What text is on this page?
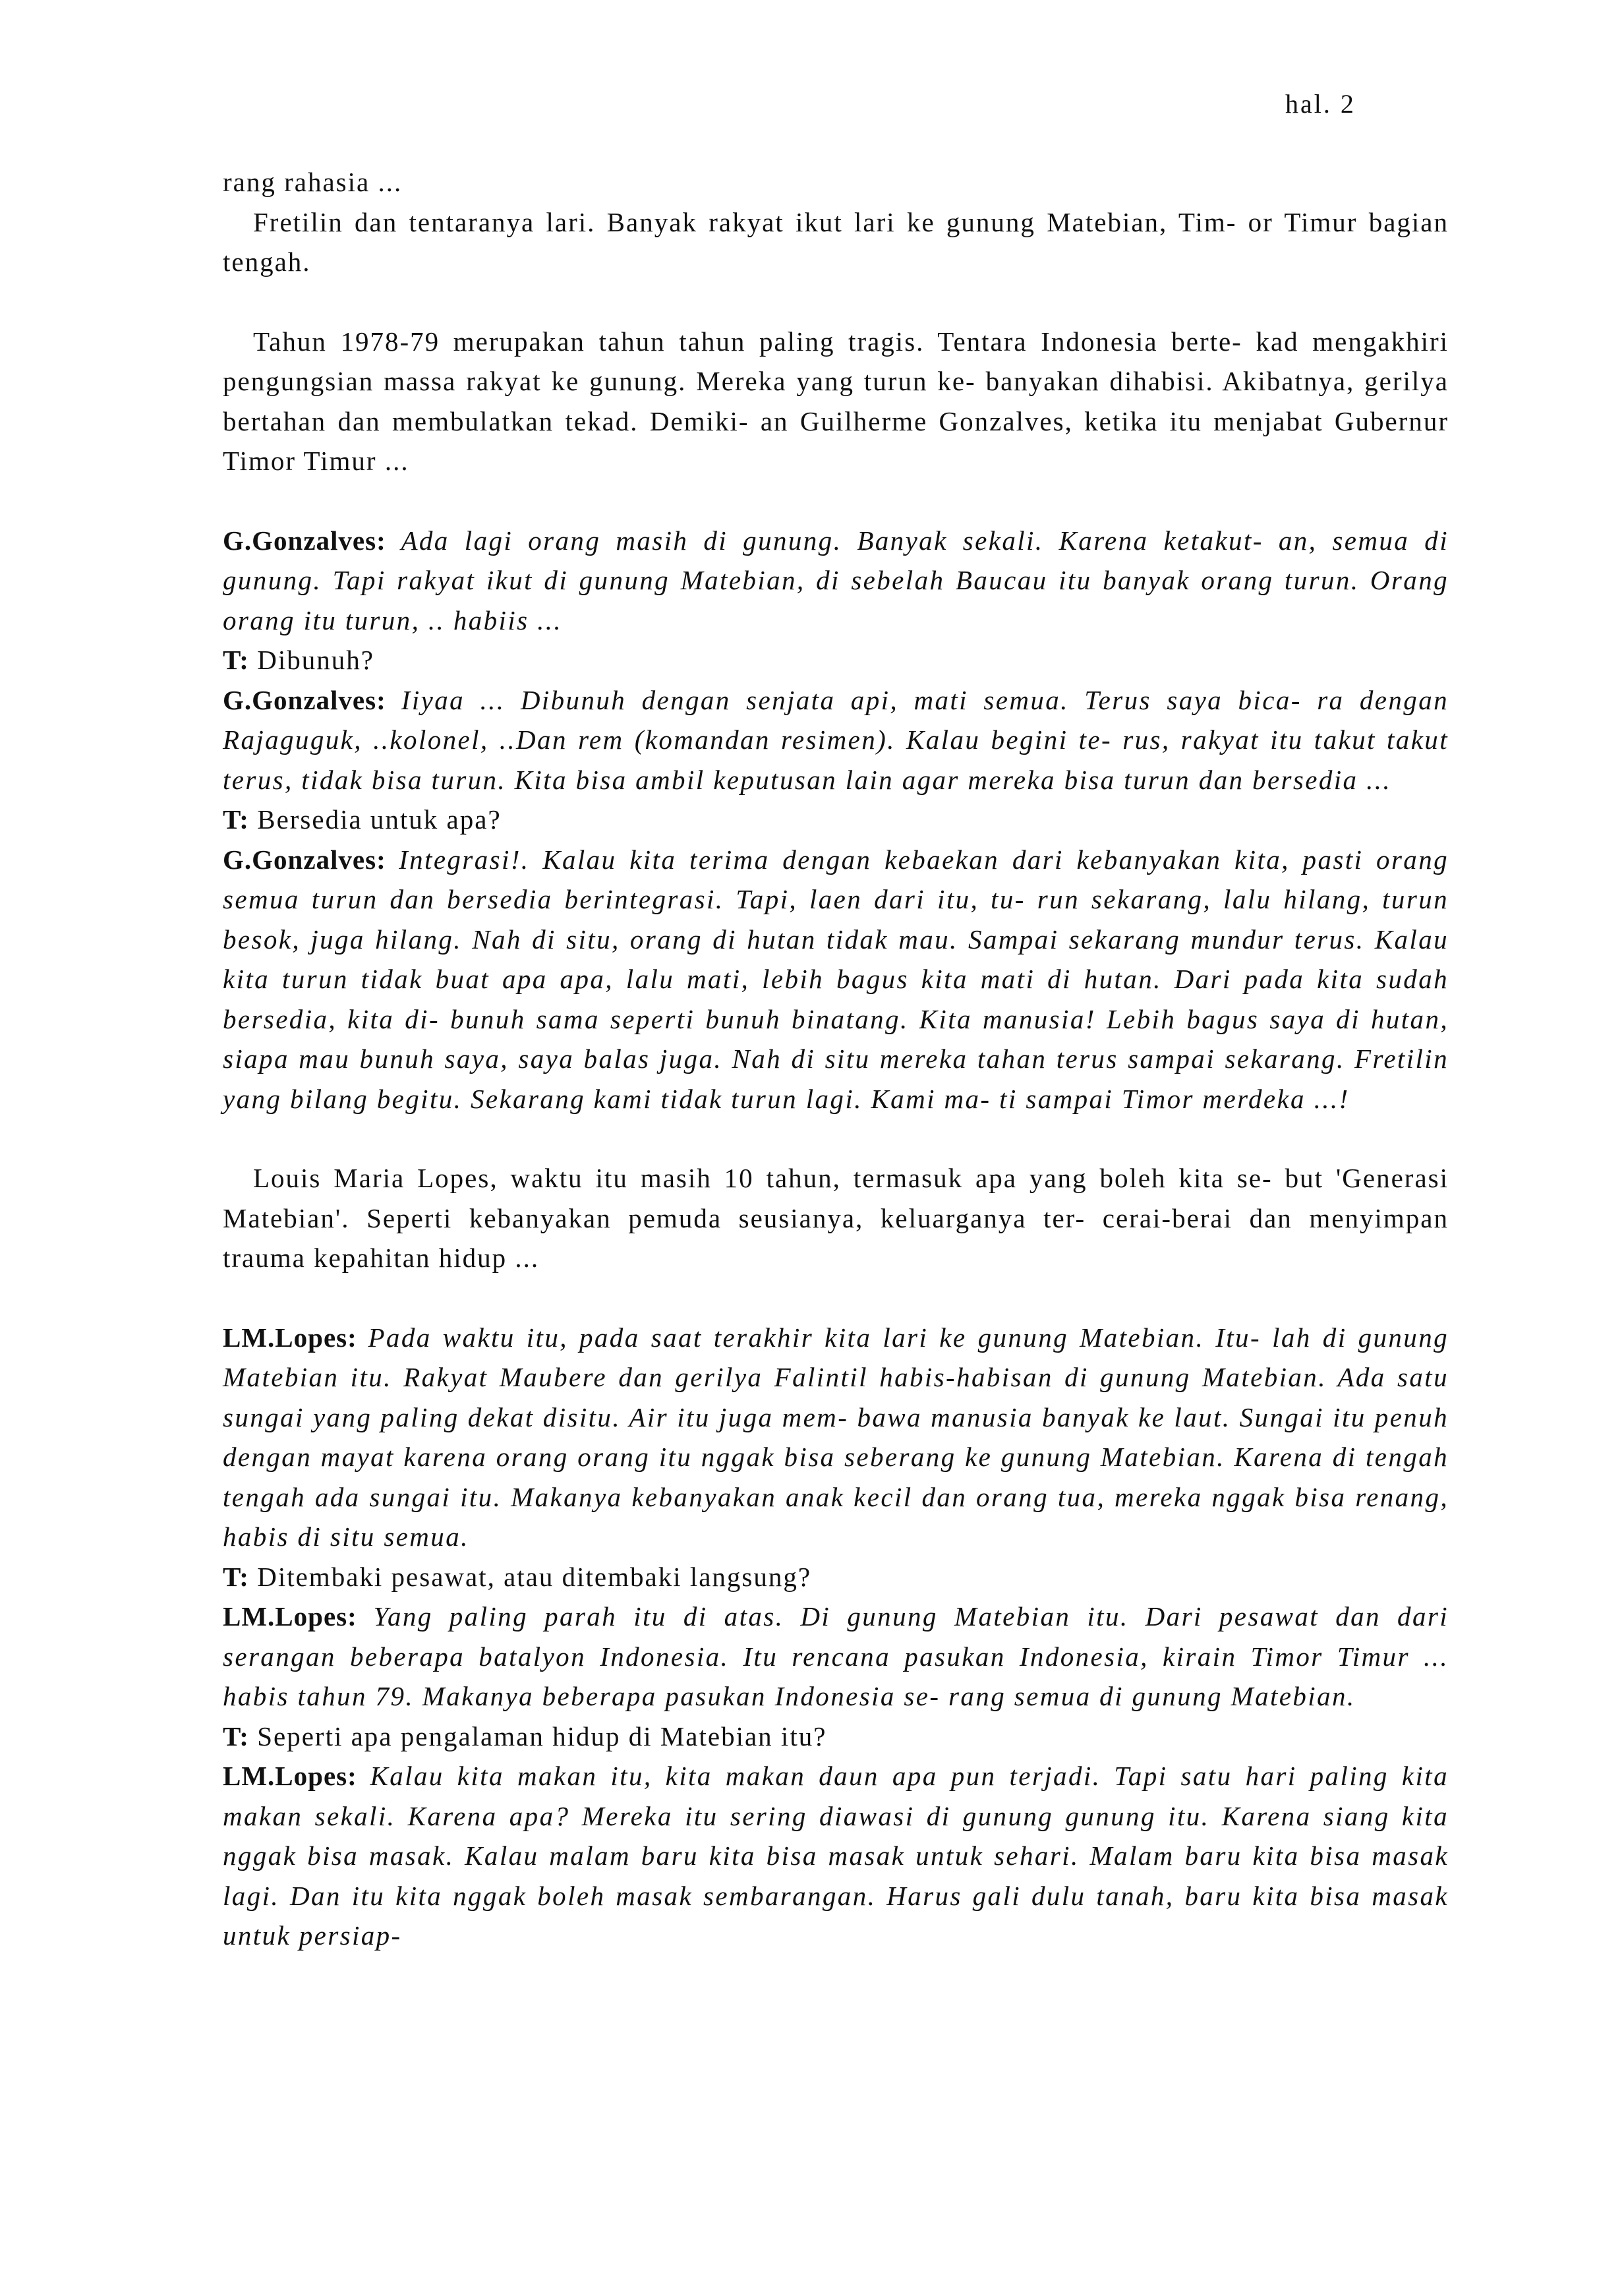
hal. 2

rang rahasia ...

Fretilin dan tentaranya lari. Banyak rakyat ikut lari ke gunung Matebian, Tim- or Timur bagian tengah.

Tahun 1978-79 merupakan tahun tahun paling tragis. Tentara Indonesia berte- kad mengakhiri pengungsian massa rakyat ke gunung. Mereka yang turun ke- banyakan dihabisi. Akibatnya, gerilya bertahan dan membulatkan tekad. Demiki- an Guilherme Gonzalves, ketika itu menjabat Gubernur Timor Timur ...

G.Gonzalves: Ada lagi orang masih di gunung. Banyak sekali. Karena ketakut- an, semua di gunung. Tapi rakyat ikut di gunung Matebian, di sebelah Baucau itu banyak orang turun. Orang orang itu turun, .. habiis ...

T: Dibunuh?

G.Gonzalves: Iiyaa ... Dibunuh dengan senjata api, mati semua. Terus saya bica- ra dengan Rajaguguk, ..kolonel, ..Dan rem (komandan resimen). Kalau begini te- rus, rakyat itu takut takut terus, tidak bisa turun. Kita bisa ambil keputusan lain agar mereka bisa turun dan bersedia ...

T: Bersedia untuk apa?

G.Gonzalves: Integrasi!. Kalau kita terima dengan kebaekan dari kebanyakan kita, pasti orang semua turun dan bersedia berintegrasi. Tapi, laen dari itu, tu- run sekarang, lalu hilang, turun besok, juga hilang. Nah di situ, orang di hutan tidak mau. Sampai sekarang mundur terus. Kalau kita turun tidak buat apa apa, lalu mati, lebih bagus kita mati di hutan. Dari pada kita sudah bersedia, kita di- bunuh sama seperti bunuh binatang. Kita manusia! Lebih bagus saya di hutan, siapa mau bunuh saya, saya balas juga. Nah di situ mereka tahan terus sampai sekarang. Fretilin yang bilang begitu. Sekarang kami tidak turun lagi. Kami ma- ti sampai Timor merdeka ...!

Louis Maria Lopes, waktu itu masih 10 tahun, termasuk apa yang boleh kita se- but 'Generasi Matebian'. Seperti kebanyakan pemuda seusianya, keluarganya ter- cerai-berai dan menyimpan trauma kepahitan hidup ...

LM.Lopes: Pada waktu itu, pada saat terakhir kita lari ke gunung Matebian. Itu- lah di gunung Matebian itu. Rakyat Maubere dan gerilya Falintil habis-habisan di gunung Matebian. Ada satu sungai yang paling dekat disitu. Air itu juga mem- bawa manusia banyak ke laut. Sungai itu penuh dengan mayat karena orang orang itu nggak bisa seberang ke gunung Matebian. Karena di tengah tengah ada sungai itu. Makanya kebanyakan anak kecil dan orang tua, mereka nggak bisa renang, habis di situ semua.

T: Ditembaki pesawat, atau ditembaki langsung?

LM.Lopes: Yang paling parah itu di atas. Di gunung Matebian itu. Dari pesawat dan dari serangan beberapa batalyon Indonesia. Itu rencana pasukan Indonesia, kirain Timor Timur ... habis tahun 79. Makanya beberapa pasukan Indonesia se- rang semua di gunung Matebian.

T: Seperti apa pengalaman hidup di Matebian itu?

LM.Lopes: Kalau kita makan itu, kita makan daun apa pun terjadi. Tapi satu hari paling kita makan sekali. Karena apa? Mereka itu sering diawasi di gunung gunung itu. Karena siang kita nggak bisa masak. Kalau malam baru kita bisa masak untuk sehari. Malam baru kita bisa masak lagi. Dan itu kita nggak boleh masak sembarangan. Harus gali dulu tanah, baru kita bisa masak untuk persiap-
